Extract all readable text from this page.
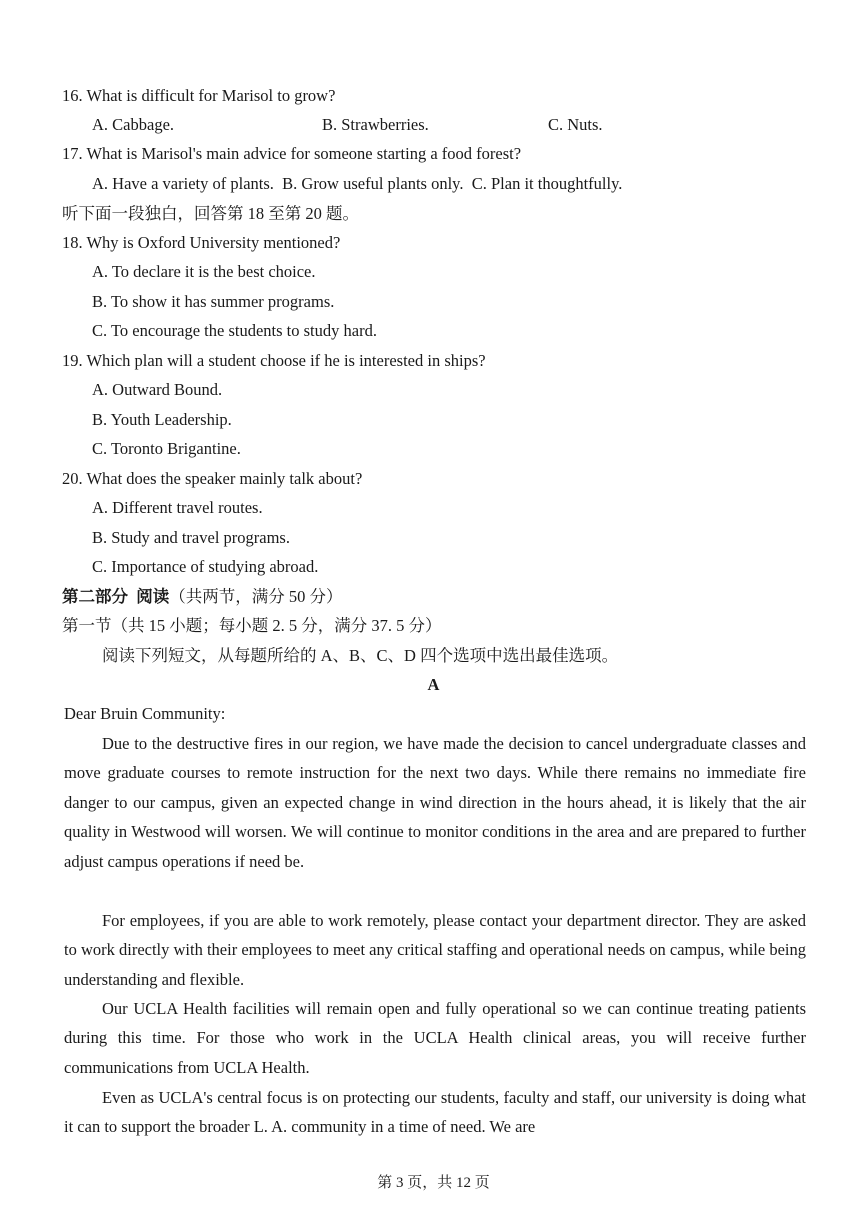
16. What is difficult for Marisol to grow?
A. Cabbage.	B. Strawberries.	C. Nuts.
17. What is Marisol's main advice for someone starting a food forest?
A. Have a variety of plants.  B. Grow useful plants only.  C. Plan it thoughtfully.
听下面一段独白，回答第 18 至第 20 题。
18. Why is Oxford University mentioned?
A. To declare it is the best choice.
B. To show it has summer programs.
C. To encourage the students to study hard.
19. Which plan will a student choose if he is interested in ships?
A. Outward Bound.
B. Youth Leadership.
C. Toronto Brigantine.
20. What does the speaker mainly talk about?
A. Different travel routes.
B. Study and travel programs.
C. Importance of studying abroad.
第二部分  阅读（共两节，满分 50 分）
第一节（共 15 小题；每小题 2. 5 分，满分 37. 5 分）
阅读下列短文，从每题所给的 A、B、C、D 四个选项中选出最佳选项。
A
Dear Bruin Community:
Due to the destructive fires in our region, we have made the decision to cancel undergraduate classes and move graduate courses to remote instruction for the next two days. While there remains no immediate fire danger to our campus, given an expected change in wind direction in the hours ahead, it is likely that the air quality in Westwood will worsen. We will continue to monitor conditions in the area and are prepared to further adjust campus operations if need be.
For employees, if you are able to work remotely, please contact your department director. They are asked to work directly with their employees to meet any critical staffing and operational needs on campus, while being understanding and flexible.
Our UCLA Health facilities will remain open and fully operational so we can continue treating patients during this time. For those who work in the UCLA Health clinical areas, you will receive further communications from UCLA Health.
Even as UCLA's central focus is on protecting our students, faculty and staff, our university is doing what it can to support the broader L. A. community in a time of need. We are
第 3 页，共 12 页
